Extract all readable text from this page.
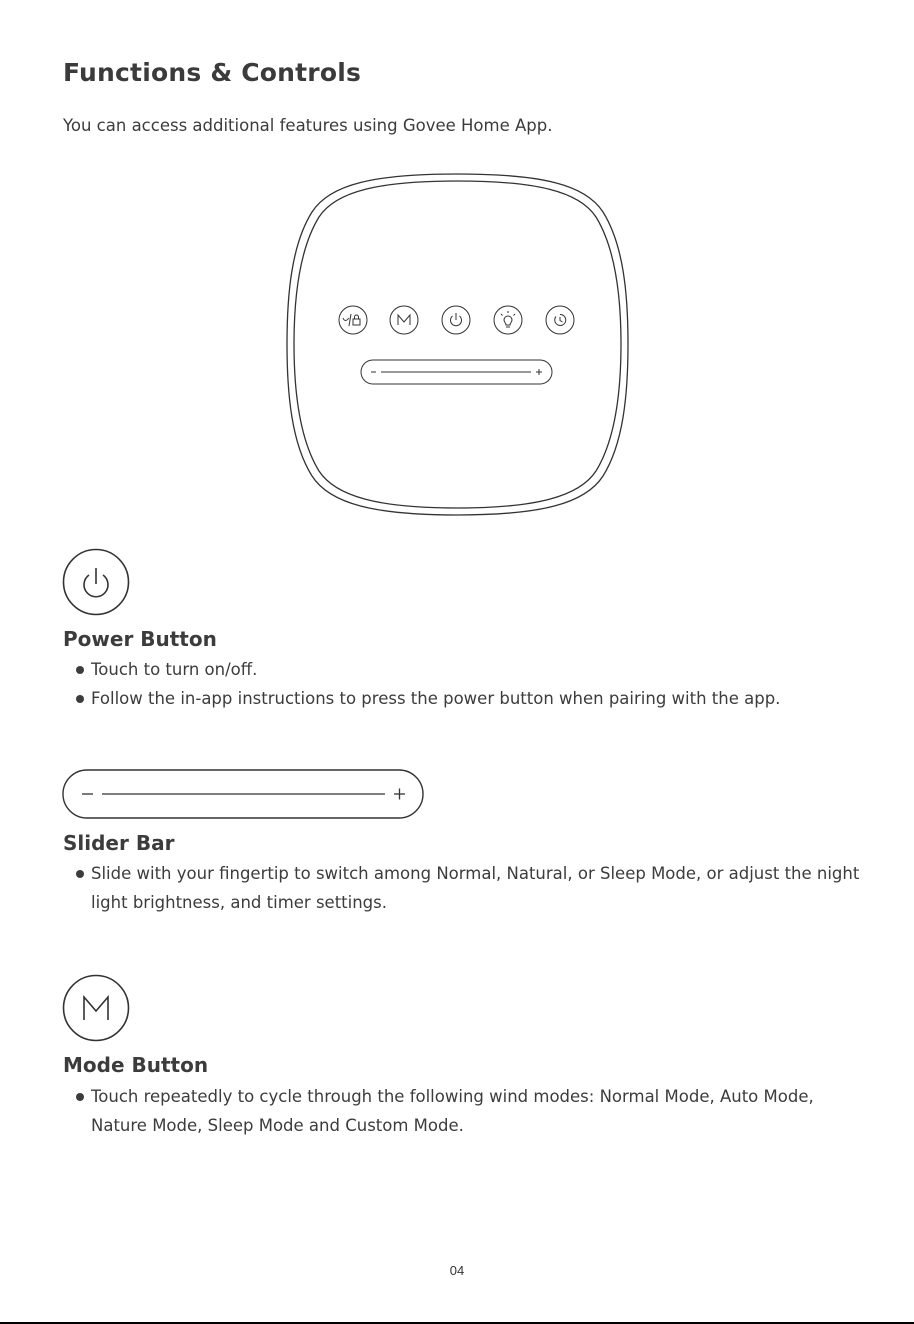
Functions & Controls
You can access additional features using Govee Home App.
Power Button
Touch to turn on/off.
Follow the in-app instructions to press the power button when pairing with the app.
Slider Bar
Slide with your fingertip to switch among Normal, Natural, or Sleep Mode, or adjust the night light brightness, and timer settings.
Mode Button
Touch repeatedly to cycle through the following wind modes: Normal Mode, Auto Mode, Nature Mode, Sleep Mode and Custom Mode.
04
